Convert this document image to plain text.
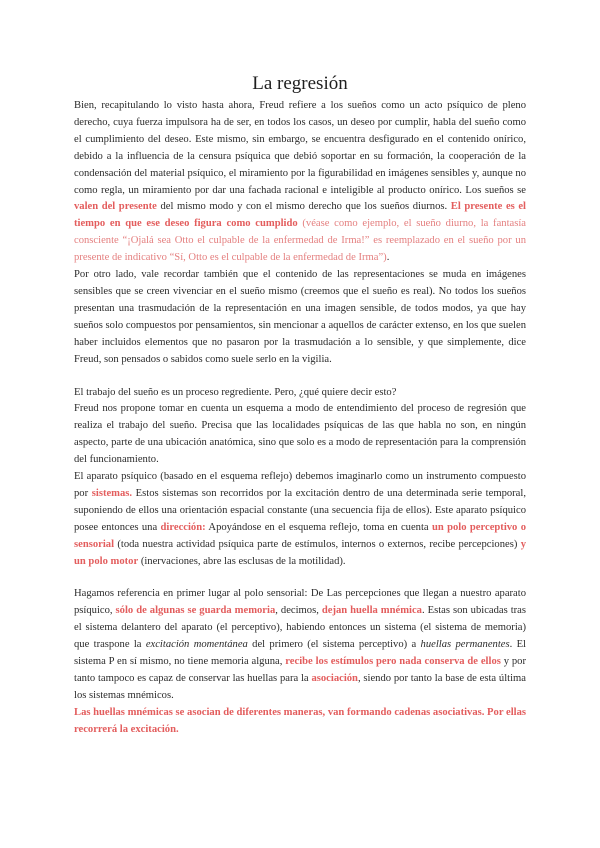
La regresión

Bien, recapitulando lo visto hasta ahora, Freud refiere a los sueños como un acto psíquico de pleno derecho, cuya fuerza impulsora ha de ser, en todos los casos, un deseo por cumplir, habla del sueño como el cumplimiento del deseo. Este mismo, sin embargo, se encuentra desfigurado en el contenido onírico, debido a la influencia de la censura psíquica que debió soportar en su formación, la cooperación de la condensación del material psíquico, el miramiento por la figurabilidad en imágenes sensibles y, aunque no como regla, un miramiento por dar una fachada racional e inteligible al producto onírico. Los sueños se valen del presente del mismo modo y con el mismo derecho que los sueños diurnos. El presente es el tiempo en que ese deseo figura como cumplido (véase como ejemplo, el sueño diurno, la fantasía consciente “¡Ojalá sea Otto el culpable de la enfermedad de Irma!” es reemplazado en el sueño por un presente de indicativo “Sí, Otto es el culpable de la enfermedad de Irma”).

Por otro lado, vale recordar también que el contenido de las representaciones se muda en imágenes sensibles que se creen vivenciar en el sueño mismo (creemos que el sueño es real). No todos los sueños presentan una trasmudación de la representación en una imagen sensible, de todos modos, ya que hay sueños solo compuestos por pensamientos, sin mencionar a aquellos de carácter extenso, en los que suelen haber incluidos elementos que no pasaron por la trasmudación a lo sensible, y que simplemente, dice Freud, son pensados o sabidos como suele serlo en la vigilia.

El trabajo del sueño es un proceso regrediente. Pero, ¿qué quiere decir esto?

Freud nos propone tomar en cuenta un esquema a modo de entendimiento del proceso de regresión que realiza el trabajo del sueño. Precisa que las localidades psíquicas de las que habla no son, en ningún aspecto, parte de una ubicación anatómica, sino que solo es a modo de representación para la comprensión del funcionamiento.

El aparato psíquico (basado en el esquema reflejo) debemos imaginarlo como un instrumento compuesto por sistemas. Estos sistemas son recorridos por la excitación dentro de una determinada serie temporal, suponiendo de ellos una orientación espacial constante (una secuencia fija de ellos). Este aparato psíquico posee entonces una dirección: Apoyándose en el esquema reflejo, toma en cuenta un polo perceptivo o sensorial (toda nuestra actividad psíquica parte de estímulos, internos o externos, recibe percepciones) y un polo motor (inervaciones, abre las esclusas de la motilidad).

Hagamos referencia en primer lugar al polo sensorial: De Las percepciones que llegan a nuestro aparato psíquico, sólo de algunas se guarda memoria, decimos, dejan huella mnémica. Estas son ubicadas tras el sistema delantero del aparato (el perceptivo), habiendo entonces un sistema (el sistema de memoria) que traspone la excitación momentánea del primero (el sistema perceptivo) a huellas permanentes. El sistema P en sí mismo, no tiene memoria alguna, recibe los estímulos pero nada conserva de ellos y por tanto tampoco es capaz de conservar las huellas para la asociación, siendo por tanto la base de esta última los sistemas mnémicos.

Las huellas mnémicas se asocian de diferentes maneras, van formando cadenas asociativas. Por ellas recorrerá la excitación.
